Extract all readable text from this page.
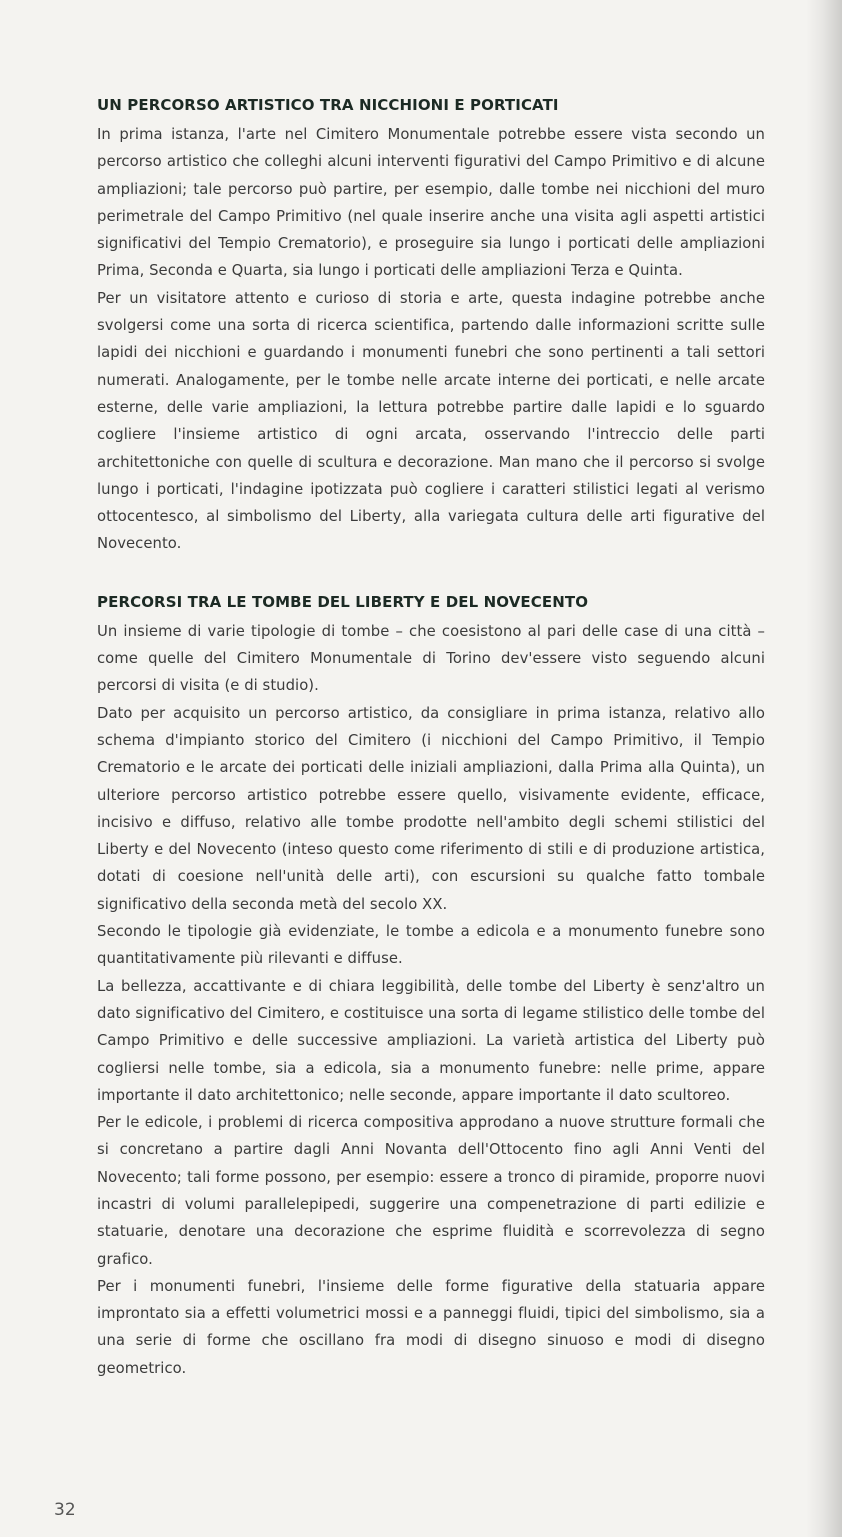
UN PERCORSO ARTISTICO TRA NICCHIONI E PORTICATI

In prima istanza, l'arte nel Cimitero Monumentale potrebbe essere vista secondo un percorso artistico che colleghi alcuni interventi figurativi del Campo Primitivo e di alcune ampliazioni; tale percorso può partire, per esempio, dalle tombe nei nicchioni del muro perimetrale del Campo Primitivo (nel quale inserire anche una visita agli aspetti artistici significativi del Tempio Crematorio), e proseguire sia lungo i porticati delle ampliazioni Prima, Seconda e Quarta, sia lungo i porticati delle ampliazioni Terza e Quinta.

Per un visitatore attento e curioso di storia e arte, questa indagine potrebbe anche svolgersi come una sorta di ricerca scientifica, partendo dalle informazioni scritte sulle lapidi dei nicchioni e guardando i monumenti funebri che sono pertinenti a tali settori numerati. Analogamente, per le tombe nelle arcate interne dei porticati, e nelle arcate esterne, delle varie ampliazioni, la lettura potrebbe partire dalle lapidi e lo sguardo cogliere l'insieme artistico di ogni arcata, osservando l'intreccio delle parti architettoniche con quelle di scultura e decorazione. Man mano che il percorso si svolge lungo i porticati, l'indagine ipotizzata può cogliere i caratteri stilistici legati al verismo ottocentesco, al simbolismo del Liberty, alla variegata cultura delle arti figurative del Novecento.

PERCORSI TRA LE TOMBE DEL LIBERTY E DEL NOVECENTO

Un insieme di varie tipologie di tombe – che coesistono al pari delle case di una città – come quelle del Cimitero Monumentale di Torino dev'essere visto seguendo alcuni percorsi di visita (e di studio).

Dato per acquisito un percorso artistico, da consigliare in prima istanza, relativo allo schema d'impianto storico del Cimitero (i nicchioni del Campo Primitivo, il Tempio Crematorio e le arcate dei porticati delle iniziali ampliazioni, dalla Prima alla Quinta), un ulteriore percorso artistico potrebbe essere quello, visivamente evidente, efficace, incisivo e diffuso, relativo alle tombe prodotte nell'ambito degli schemi stilistici del Liberty e del Novecento (inteso questo come riferimento di stili e di produzione artistica, dotati di coesione nell'unità delle arti), con escursioni su qualche fatto tombale significativo della seconda metà del secolo XX.

Secondo le tipologie già evidenziate, le tombe a edicola e a monumento funebre sono quantitativamente più rilevanti e diffuse.

La bellezza, accattivante e di chiara leggibilità, delle tombe del Liberty è senz'altro un dato significativo del Cimitero, e costituisce una sorta di legame stilistico delle tombe del Campo Primitivo e delle successive ampliazioni. La varietà artistica del Liberty può cogliersi nelle tombe, sia a edicola, sia a monumento funebre: nelle prime, appare importante il dato architettonico; nelle seconde, appare importante il dato scultoreo.

Per le edicole, i problemi di ricerca compositiva approdano a nuove strutture formali che si concretano a partire dagli Anni Novanta dell'Ottocento fino agli Anni Venti del Novecento; tali forme possono, per esempio: essere a tronco di piramide, proporre nuovi incastri di volumi parallelepipedi, suggerire una compenetrazione di parti edilizie e statuarie, denotare una decorazione che esprime fluidità e scorrevolezza di segno grafico.

Per i monumenti funebri, l'insieme delle forme figurative della statuaria appare improntato sia a effetti volumetrici mossi e a panneggi fluidi, tipici del simbolismo, sia a una serie di forme che oscillano fra modi di disegno sinuoso e modi di disegno geometrico.

32
